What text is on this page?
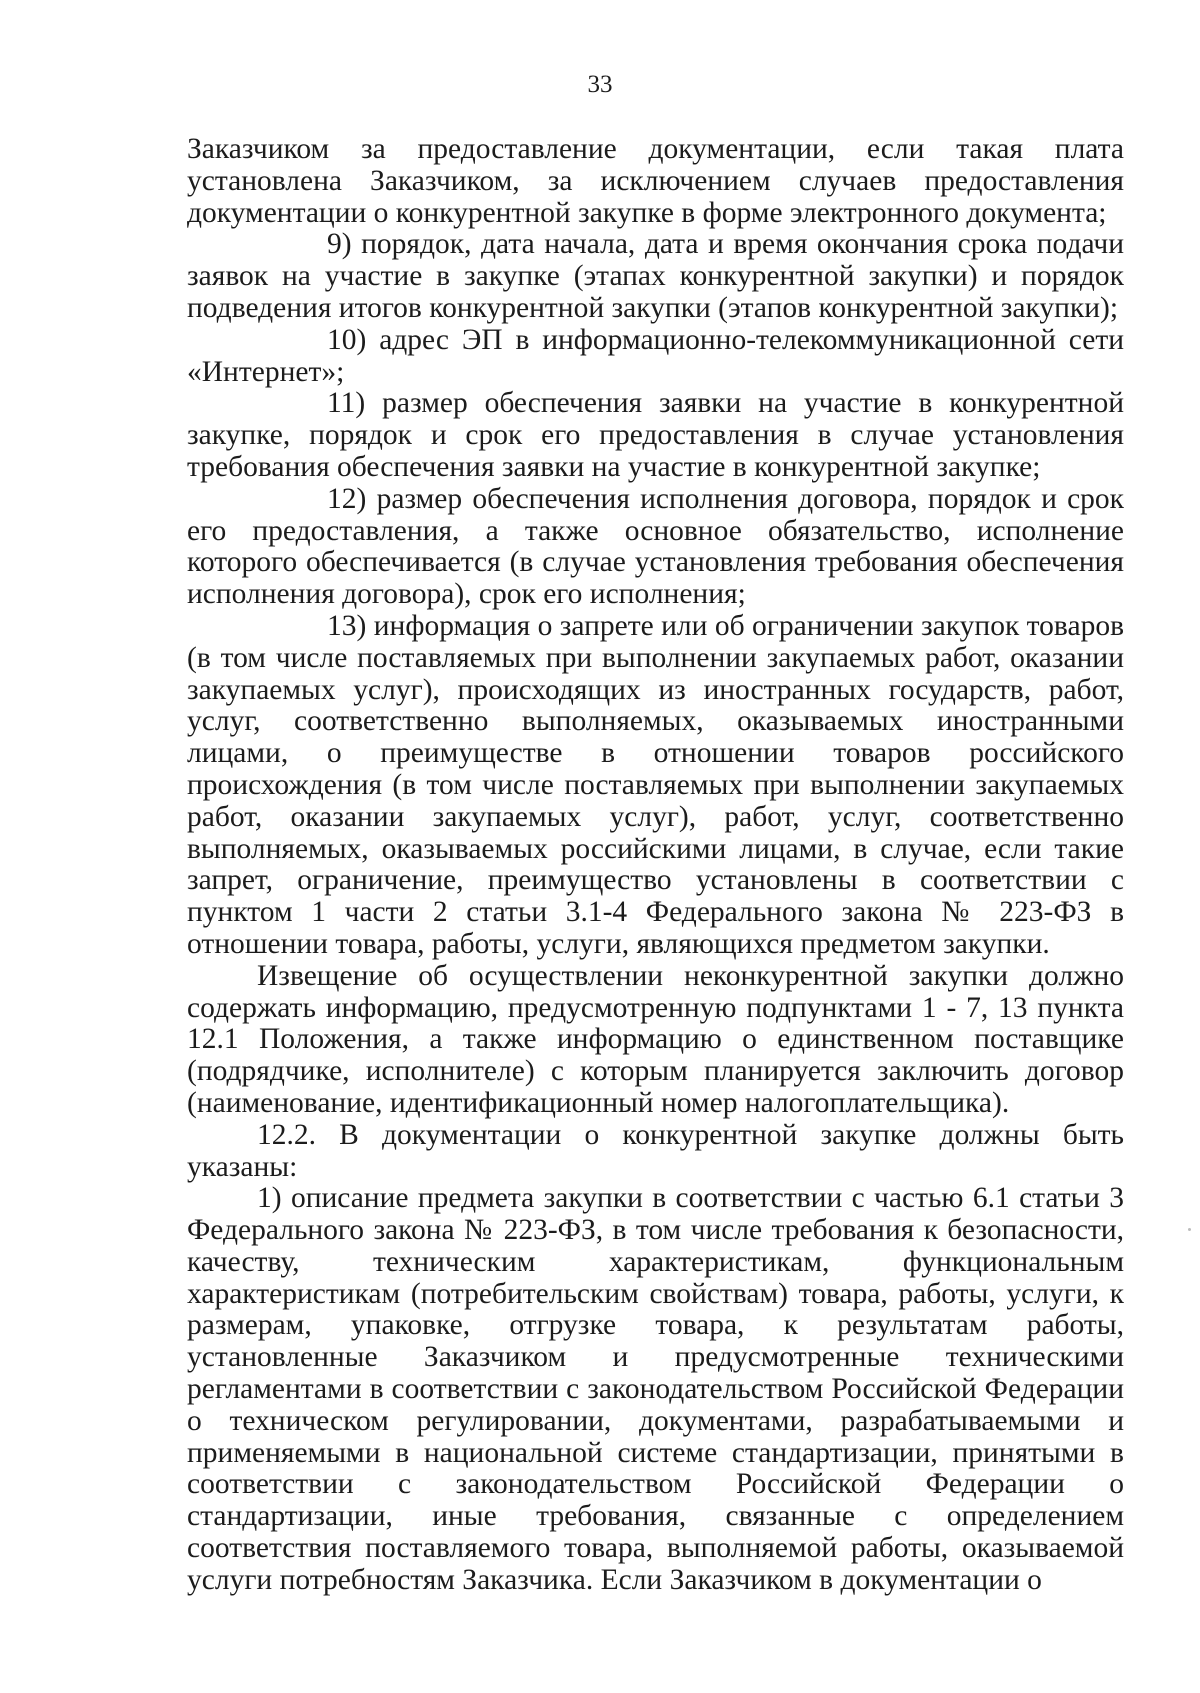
33

Заказчиком за предоставление документации, если такая плата установлена Заказчиком, за исключением случаев предоставления документации о конкурентной закупке в форме электронного документа;

9) порядок, дата начала, дата и время окончания срока подачи заявок на участие в закупке (этапах конкурентной закупки) и порядок подведения итогов конкурентной закупки (этапов конкурентной закупки);

10) адрес ЭП в информационно-телекоммуникационной сети «Интернет»;

11) размер обеспечения заявки на участие в конкурентной закупке, порядок и срок его предоставления в случае установления требования обеспечения заявки на участие в конкурентной закупке;

12) размер обеспечения исполнения договора, порядок и срок его предоставления, а также основное обязательство, исполнение которого обеспечивается (в случае установления требования обеспечения исполнения договора), срок его исполнения;

13) информация о запрете или об ограничении закупок товаров (в том числе поставляемых при выполнении закупаемых работ, оказании закупаемых услуг), происходящих из иностранных государств, работ, услуг, соответственно выполняемых, оказываемых иностранными лицами, о преимуществе в отношении товаров российского происхождения (в том числе поставляемых при выполнении закупаемых работ, оказании закупаемых услуг), работ, услуг, соответственно выполняемых, оказываемых российскими лицами, в случае, если такие запрет, ограничение, преимущество установлены в соответствии с пунктом 1 части 2 статьи 3.1-4 Федерального закона № 223-ФЗ в отношении товара, работы, услуги, являющихся предметом закупки.

Извещение об осуществлении неконкурентной закупки должно содержать информацию, предусмотренную подпунктами 1 - 7, 13 пункта 12.1 Положения, а также информацию о единственном поставщике (подрядчике, исполнителе) с которым планируется заключить договор (наименование, идентификационный номер налогоплательщика).

12.2. В документации о конкурентной закупке должны быть указаны:

1) описание предмета закупки в соответствии с частью 6.1 статьи 3 Федерального закона № 223-ФЗ, в том числе требования к безопасности, качеству, техническим характеристикам, функциональным характеристикам (потребительским свойствам) товара, работы, услуги, к размерам, упаковке, отгрузке товара, к результатам работы, установленные Заказчиком и предусмотренные техническими регламентами в соответствии с законодательством Российской Федерации о техническом регулировании, документами, разрабатываемыми и применяемыми в национальной системе стандартизации, принятыми в соответствии с законодательством Российской Федерации о стандартизации, иные требования, связанные с определением соответствия поставляемого товара, выполняемой работы, оказываемой услуги потребностям Заказчика. Если Заказчиком в документации о
